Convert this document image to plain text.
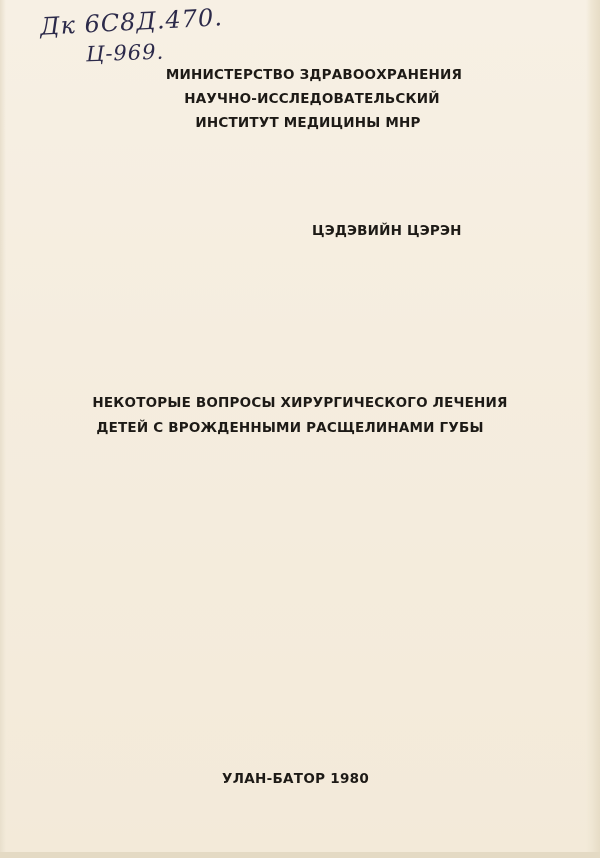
Дк 6С8Д.470.
Ц-969.
МИНИСТЕРСТВО ЗДРАВООХРАНЕНИЯ
НАУЧНО-ИССЛЕДОВАТЕЛЬСКИЙ
ИНСТИТУТ МЕДИЦИНЫ МНР
ЦЭДЭВИЙН ЦЭРЭН
НЕКОТОРЫЕ ВОПРОСЫ ХИРУРГИЧЕСКОГО ЛЕЧЕНИЯ
ДЕТЕЙ С ВРОЖДЕННЫМИ РАСЩЕЛИНАМИ ГУБЫ
УЛАН-БАТОР 1980
